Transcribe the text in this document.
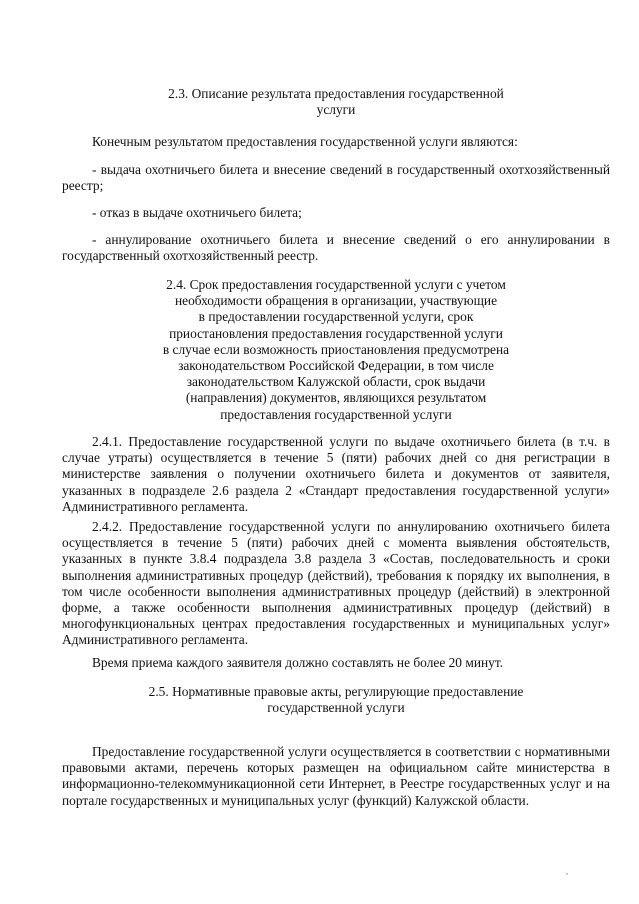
2.3. Описание результата предоставления государственной
услуги

Конечным результатом предоставления государственной услуги являются:

- выдача охотничьего билета и внесение сведений в государственный охотхозяйственный реестр;

- отказ в выдаче охотничьего билета;

- аннулирование охотничьего билета и внесение сведений о его аннулировании в государственный охотхозяйственный реестр.

2.4. Срок предоставления государственной услуги с учетом
необходимости обращения в организации, участвующие
в предоставлении государственной услуги, срок
приостановления предоставления государственной услуги
в случае если возможность приостановления предусмотрена
законодательством Российской Федерации, в том числе
законодательством Калужской области, срок выдачи
(направления) документов, являющихся результатом
предоставления государственной услуги

2.4.1. Предоставление государственной услуги по выдаче охотничьего билета (в т.ч. в случае утраты) осуществляется в течение 5 (пяти) рабочих дней со дня регистрации в министерстве заявления о получении охотничьего билета и документов от заявителя, указанных в подразделе 2.6 раздела 2 «Стандарт предоставления государственной услуги» Административного регламента.

2.4.2. Предоставление государственной услуги по аннулированию охотничьего билета осуществляется в течение 5 (пяти) рабочих дней с момента выявления обстоятельств, указанных в пункте 3.8.4 подраздела 3.8 раздела 3 «Состав, последовательность и сроки выполнения административных процедур (действий), требования к порядку их выполнения, в том числе особенности выполнения административных процедур (действий) в электронной форме, а также особенности выполнения административных процедур (действий) в многофункциональных центрах предоставления государственных и муниципальных услуг» Административного регламента.

Время приема каждого заявителя должно составлять не более 20 минут.

2.5. Нормативные правовые акты, регулирующие предоставление
государственной услуги

Предоставление государственной услуги осуществляется в соответствии с нормативными правовыми актами, перечень которых размещен на официальном сайте министерства в информационно-телекоммуникационной сети Интернет, в Реестре государственных услуг и на портале государственных и муниципальных услуг (функций) Калужской области.
